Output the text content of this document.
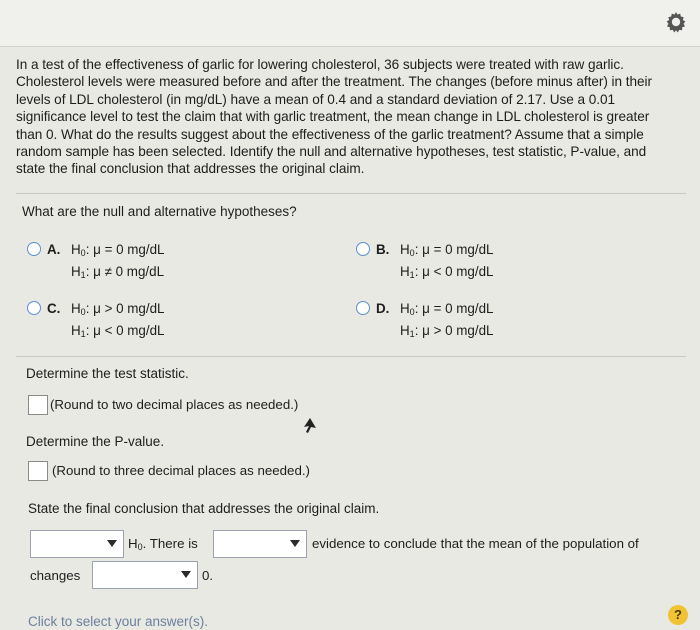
In a test of the effectiveness of garlic for lowering cholesterol, 36 subjects were treated with raw garlic. Cholesterol levels were measured before and after the treatment. The changes (before minus after) in their levels of LDL cholesterol (in mg/dL) have a mean of 0.4 and a standard deviation of 2.17. Use a 0.01 significance level to test the claim that with garlic treatment, the mean change in LDL cholesterol is greater than 0. What do the results suggest about the effectiveness of the garlic treatment? Assume that a simple random sample has been selected. Identify the null and alternative hypotheses, test statistic, P-value, and state the final conclusion that addresses the original claim.
What are the null and alternative hypotheses?
A. $H_0$: μ = 0 mg/dL
$H_1$: μ ≠ 0 mg/dL
B. $H_0$: μ = 0 mg/dL
$H_1$: μ < 0 mg/dL
C. $H_0$: μ > 0 mg/dL
$H_1$: μ < 0 mg/dL
D. $H_0$: μ = 0 mg/dL
$H_1$: μ > 0 mg/dL
Determine the test statistic.
(Round to two decimal places as needed.)
Determine the P-value.
(Round to three decimal places as needed.)
State the final conclusion that addresses the original claim.
$H_0$. There is	evidence to conclude that the mean of the population of
changes	0.
Click to select your answer(s).	?
